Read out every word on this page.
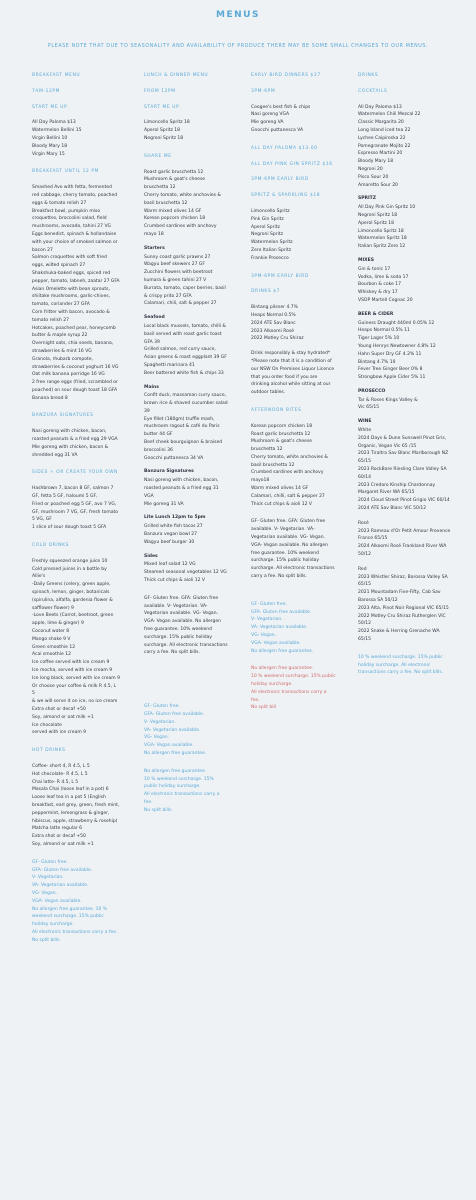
MENUS
PLEASE NOTE THAT DUE TO SEASONALITY AND AVAILABILITY OF PRODUCE THERE MAY BE SOME SMALL CHANGES TO OUR MENUS.
BREAKFAST MENU
7AM-12PM
START ME UP
All Day Paloma $13
Watermelon Bellini 15
Virgin Bellini 10
Bloody Mary 18
Virgin Mary 15
BREAKFAST UNTIL 12 PM
Smashed Avo with fetta, fermented red cabbage, cherry tomato, poached eggs & tomato relish 27
Breakfast bowl, pumpkin miso croquettes, broccolini salad, field mushrooms, avocado, tahini 27 VG
Eggs benedict, spinach & hollandaise with your choice of smoked salmon or bacon 27
Salmon croquettes with soft fried eggs, wilted spinach 27
Shakshuka-baked eggs, spiced red pepper, tomato, labneh, zaatar 27 GFA
Asian Omelette with bean sprouts, shiitake mushrooms, garlic-chives, tomato, coriander 27 GFA
Corn fritter with bacon, avocado & tomato relish 27
Hotcakes, poached pear, honeycomb butter & maple syrup 22
Overnight oats, chia seeds, banana, strawberries & mint 16 VG
Granola, rhubarb compote, strawberries & coconut yoghurt 16 VG
Oat milk banana porridge 16 VG
2 free range eggs (fried, scrambled or poached) on sour dough toast 18 GFA
Banana bread 8
BANZURA SIGNATURES
Nasi goreng with chicken, bacon, roasted peanuts & a fried egg 29 VGA
Mie goreng with chicken, bacon & shredded egg 31 VA
SIDES + OR CREATE YOUR OWN
Hashbrown 7, bacon 8 GF, salmon 7 GF, fetta 5 GF, haloumi 5 GF,
Fried or poached egg 5 GF, avo 7 VG, GF, mushroom 7 VG, GF, fresh tomato 5 VG, GF
1 slice of sour dough toast 5 GFA
COLD DRINKS
Freshly squeezed orange juice 10
Cold pressed juices in a bottle by Allie's
-Daily Greens (celery, green apple, spinach, lemon, ginger, botanicals (spirulina, alfalfa, gardenia flower & safflower flower) 9
-Love Beets (Carrot, beetroot, green apple, lime & ginger) 9
Coconut water 8
Mango shake 9 V
Green smoothie 12
Acai smoothie 12
Ice coffee served with ice cream 9
Ice mocha, served with ice cream 9
Ice long black, served with ice cream 9
Or choose your coffee & milk R 4.5, L 5
& we will serve it on ice, no ice cream
Extra shot or decaf +50
Soy, almond or oat milk +1
Ice chocolate
served with ice cream 9
HOT DRINKS
Coffee- short 4, R 4.5, L 5
Hot chocolate- R 4.5, L 5
Chai latte- R 4.5, L 5
Masala Chai (loose leaf in a pot) 6
Loose leaf tea in a pot 5 (English breakfast, earl grey, green, fresh mint, peppermint, lemongrass & ginger, hibiscus, apple, strawberry & rosehip)
Matcha latte regular 6
Extra shot or decaf +50
Soy, almond or oat milk +1
GF- Gluten free.
GFA- Gluten free available.
V- Vegetarian.
VA- Vegetarian available.
VG- Vegan.
VGA- Vegan available.
No allergen free guarantee. 10 % weekend surcharge. 15% public holiday surcharge.
All electronic transactions carry a fee.
No split bills.
LUNCH & DINNER MENU
FROM 12PM
START ME UP
Limoncello Spritz 18
Aperol Spritz 18
Negroni Spritz 18
SHARE ME
Roast garlic bruschetta 12
Mushroom & goat's cheese bruschetta 12
Cherry tomato, white anchovies & basil bruschetta 12
Warm mixed olives 14 GF
Korean popcorn chicken 18
Crumbed sardines with anchovy mayo 18
Starters
Sunny coast garlic prawns 27
Wagyu beef skewers 27 GF
Zucchini flowers with beetroot kumara & green tahini 27 V
Burrata, tomato, caper berries, basil & crispy prito 27 GFA
Calamari, chili, salt & pepper 27
Seafood
Local black mussels, tomato, chilli & basil served with roast garlic toast GFA 39
Grilled salmon, red curry sauce, Asian greens & roast eggplant 39 GF
Spaghetti marinara 41
Beer battered white fish & chips 33
Mains
Confit duck, massaman curry sauce, brown rice & shaved cucumber salad 39
Eye fillet (180gm) truffle mash, mushroom ragout & café du Paris butter 44 GF
Beef cheek bourguignon & braised broccolini 36
Gnocchi puttanesca 34 VA
Banzura Signatures
Nasi goreng with chicken, bacon, roasted peanuts & a fried egg 31 VGA
Mie goreng 31 VA
Lite Lunch 12pm to 5pm
Grilled white fish tacos 27
Banzura vegan bowl 27
Wagyu beef burger 30
Sides
Mixed leaf salad 12 VG
Steamed seasonal vegetables 12 VG
Thick cut chips & aioli 12 V
GF- Gluten free. GFA: Gluten free available. V- Vegetarian. VA- Vegetarian available. VG- Vegan. VGA- Vegan available. No allergen free guarantee. 10% weekend surcharge. 15% public holiday surcharge. All electronic transactions carry a fee. No split bills.
GF- Gluten free.
GFA- Gluten free available.
V- Vegetarian.
VA- Vegetarian available.
VG- Vegan.
VGA- Vegan available.
No allergen free guarantee.
No allergen free guarantee.
10 % weekend surcharge. 15% public holiday surcharge.
All electronic transactions carry a fee.
No split bills.
EARLY BIRD DINNERS $27
3PM-6PM
Coogee's best fish & chips
Nasi goreng VGA
Mie goreng VA
Gnocchi puttanesca VA
ALL DAY PALOMA $13.00
ALL DAY PINK GIN SPRITZ $16
3PM-6PM EARLY BIRD
SPRITZ & SPARKLING $18
Limoncello Spritz
Pink Gin Spritz
Aperol Spritz
Negroni Spritz
Watermelon Spritz
Zero Italian Spritz
Frankie Prosecco
3PM-6PM EARLY BIRD
DRINKS $7
Bintang pilsner 4.7%
Heaps Normal 0.5%
2024 ATE Sav Blanc
2023 Alkoomi Rosé
2022 Motley Cru Shiraz
Drink responsibly & stay hydrated*
*Please note that it is a condition of our NSW On Premises Liquor Licence that you order food if you are drinking alcohol while sitting at our outdoor tables.
AFTERNOON BITES
Korean popcorn chicken 18
Roast garlic bruschetta 12
Mushroom & goat's cheese bruschetta 12
Cherry tomato, white anchovies & basil bruschetta 12
Crumbed sardines with anchovy mayo18
Warm mixed olives 14 GF
Calamari, chilli, salt & pepper 27
Thick cut chips & aioli 12 V
GF- Gluten free. GFA: Gluten free available. V- Vegetarian. VA- Vegetarian available. VG- Vegan. VGA- Vegan available. No allergen free guarantee. 10% weekend surcharge. 15% public holiday surcharge. All electronic transactions carry a fee. No split bills.
GF- Gluten free.
GFA- Gluten free available.
V- Vegetarian.
VA- Vegetarian available.
VG- Vegan.
VGA- Vegan available.
No allergen free guarantee.
No allergen free guarantee.
10 % weekend surcharge. 15% public holiday surcharge.
All electronic transactions carry a fee.
No split bill
DRINKS
COCKTAILS
All Day Paloma $13
Watermelon Chili Mezcal 22
Classic Margarita 20
Long Island iced tea 22
Lychee Caipiroska 22
Pomegranate Mojito 22
Espresso Martini 20
Bloody Mary 18
Negroni 20
Pisco Sour 20
Amaretto Sour 20
SPRITZ
All Day Pink Gin Spritz 10
Negroni Spritz 18
Aperol Spritz 18
Limoncello Spritz 18
Watermelon Spritz 18
Italian Spritz Zero 12
MIXES
Gin & tonic 17
Vodka, lime & soda 17
Bourbon & coke 17
Whiskey & dry 17
VSOP Martell Cognac 20
BEER & CIDER
Guiness Draught 440ml 0.05% 12
Heaps Normal 0.5% 11
Tiger Lager 5% 10
Young Henrys Newtowner 4.8% 12
Hahn Super Dry GF 4.2% 11
Bintang 4.7% 10
Fever Tree Ginger Beer 0% 8
Strongbow Apple Cider 5% 11
PROSECCO
Tar & Roses Kings Valley &
Vic 65/15
WINE
White
2024 Days & Dune Sunswell Pinot Gris,
Organic, Vegan Vic 65 /15
2023 Tiraltra Sav Blanc Marlborough NZ 65/15
2023 RockBare Riesling Clare Valley SA 60/14
2023 Credaro Kinship Chardonnay Margaret River WA 65/15
2024 Cloud Street Pinot Grigio VIC 60/14
2024 ATE Sav Blanc VIC 50/12
Rosé
2023 Rameau d'Or Petit Amour Provence
France 65/15
2024 Alkoomi Rosé Frankland River WA 50/12
Red
2023 Whistler Shiraz, Barossa Valley SA 65/15
2021 Mountadam Five-Fifty, Cab Sav
Barossa SA 50/12
2023 Alta, Pinot Noir Regional VIC 65/15
2022 Motley Cru Shiraz Rutherglen VIC 50/12
2022 Snake & Herring Grenache WA 65/15
10 % weekend surcharge. 15% public holiday surcharge. All electronic transactions carry a fee. No split bills.
